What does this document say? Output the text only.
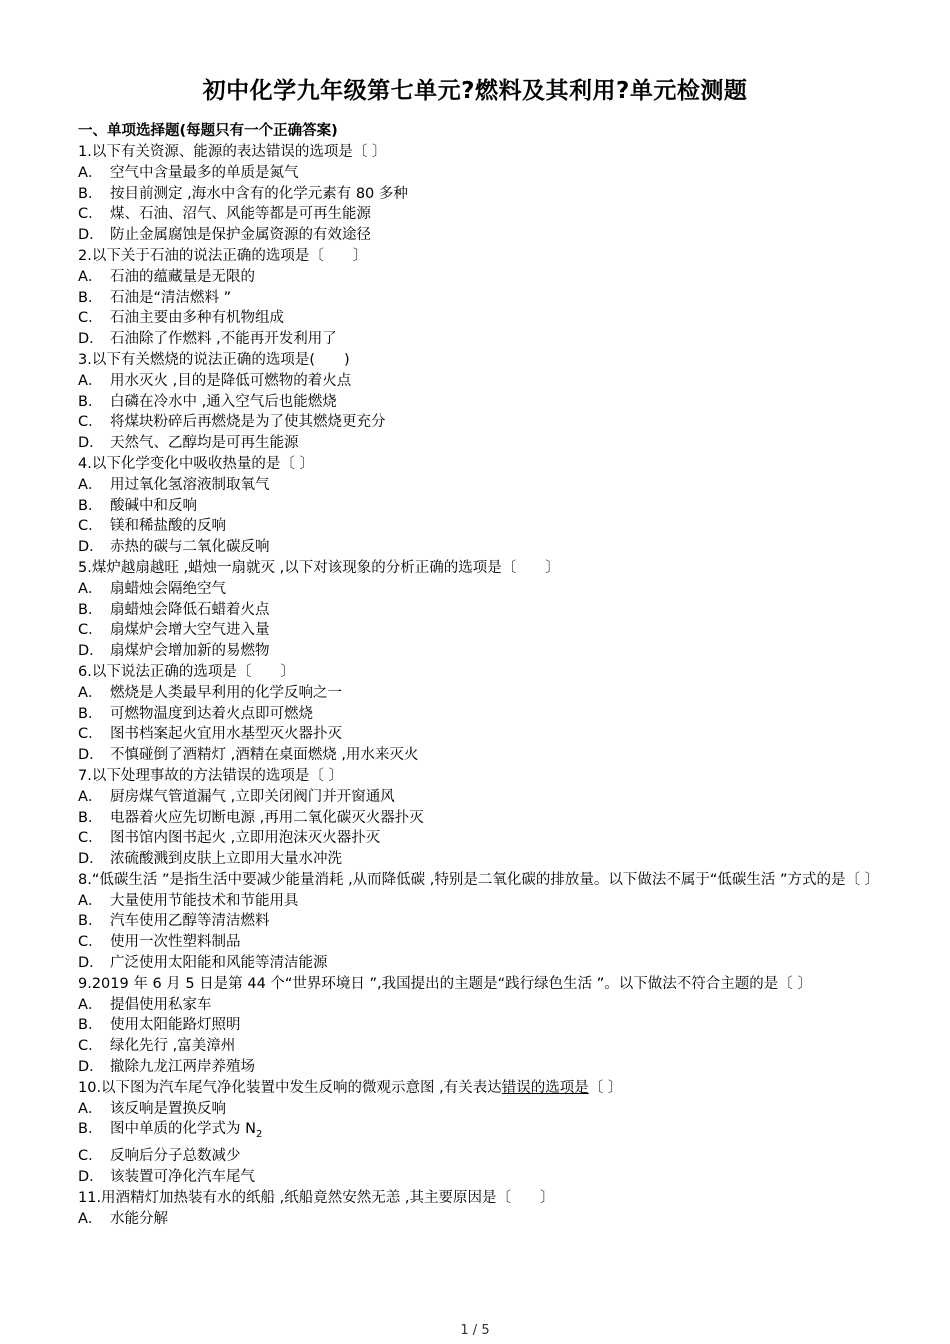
初中化学九年级第七单元?燃料及其利用?单元检测题
一、单项选择题(每题只有一个正确答案)
1.以下有关资源、能源的表达错误的选项是〔 〕
A． 空气中含量最多的单质是氮气
B． 按目前测定 ,海水中含有的化学元素有 80 多种
C． 煤、石油、沼气、风能等都是可再生能源
D． 防止金属腐蚀是保护金属资源的有效途径
2.以下关于石油的说法正确的选项是〔　　〕
A． 石油的蕴藏量是无限的
B． 石油是“清洁燃料 ”
C． 石油主要由多种有机物组成
D． 石油除了作燃料 ,不能再开发利用了
3.以下有关燃烧的说法正确的选项是(　　)
A． 用水灭火 ,目的是降低可燃物的着火点
B． 白磷在冷水中 ,通入空气后也能燃烧
C． 将煤块粉碎后再燃烧是为了使其燃烧更充分
D． 天然气、乙醇均是可再生能源
4.以下化学变化中吸收热量的是〔 〕
A． 用过氧化氢溶液制取氧气
B． 酸碱中和反响
C． 镁和稀盐酸的反响
D． 赤热的碳与二氧化碳反响
5.煤炉越扇越旺 ,蜡烛一扇就灭 ,以下对该现象的分析正确的选项是〔　　〕
A． 扇蜡烛会隔绝空气
B． 扇蜡烛会降低石蜡着火点
C． 扇煤炉会增大空气进入量
D． 扇煤炉会增加新的易燃物
6.以下说法正确的选项是〔　　〕
A． 燃烧是人类最早利用的化学反响之一
B． 可燃物温度到达着火点即可燃烧
C． 图书档案起火宜用水基型灭火器扑灭
D． 不慎碰倒了酒精灯 ,酒精在桌面燃烧 ,用水来灭火
7.以下处理事故的方法错误的选项是〔 〕
A． 厨房煤气管道漏气 ,立即关闭阀门并开窗通风
B． 电器着火应先切断电源 ,再用二氧化碳灭火器扑灭
C． 图书馆内图书起火 ,立即用泡沫灭火器扑灭
D． 浓硫酸溅到皮肤上立即用大量水冲洗
8.“低碳生活 ”是指生活中要减少能量消耗 ,从而降低碳 ,特别是二氧化碳的排放量。以下做法不属于“低碳生活 ”方式的是〔 〕
A． 大量使用节能技术和节能用具
B． 汽车使用乙醇等清洁燃料
C． 使用一次性塑料制品
D． 广泛使用太阳能和风能等清洁能源
9.2019 年 6 月 5 日是第 44 个“世界环境日 ”,我国提出的主题是“践行绿色生活 ”。以下做法不符合主题的是〔 〕
A． 提倡使用私家车
B． 使用太阳能路灯照明
C． 绿化先行 ,富美漳州
D． 撤除九龙江两岸养殖场
10.以下图为汽车尾气净化装置中发生反响的微观示意图 ,有关表达错误的选项是〔 〕
A． 该反响是置换反响
B． 图中单质的化学式为 $N_2$
C． 反响后分子总数减少
D． 该装置可净化汽车尾气
11.用酒精灯加热装有水的纸船 ,纸船竟然安然无恙 ,其主要原因是〔　　〕
A． 水能分解
1 / 5
